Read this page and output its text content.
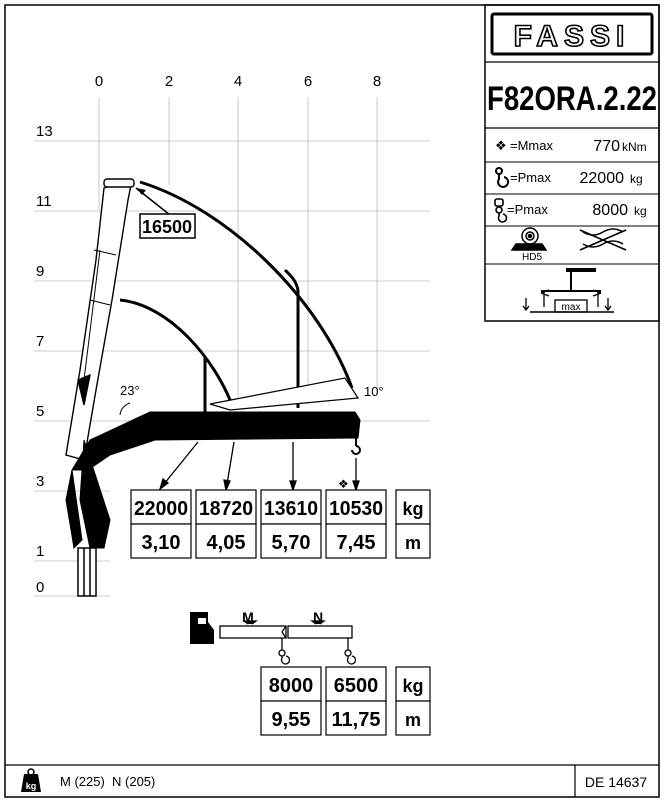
FASSI
F82ORA.2.22
❖ =Mmax	770 kNm
=Pmax 22000 kg
=Pmax	8000 kg
HD5
max
0	2	4	6	8
13
11
9
7
5
3
1
0
23°	10°
16500
22000 18720 13610 10530
3,10 4,05 5,70 7,45
kg
m
❖
M	N
8000 6500
9,55 11,75
kg
m
kg M (225)  N (205)	DE 14637
